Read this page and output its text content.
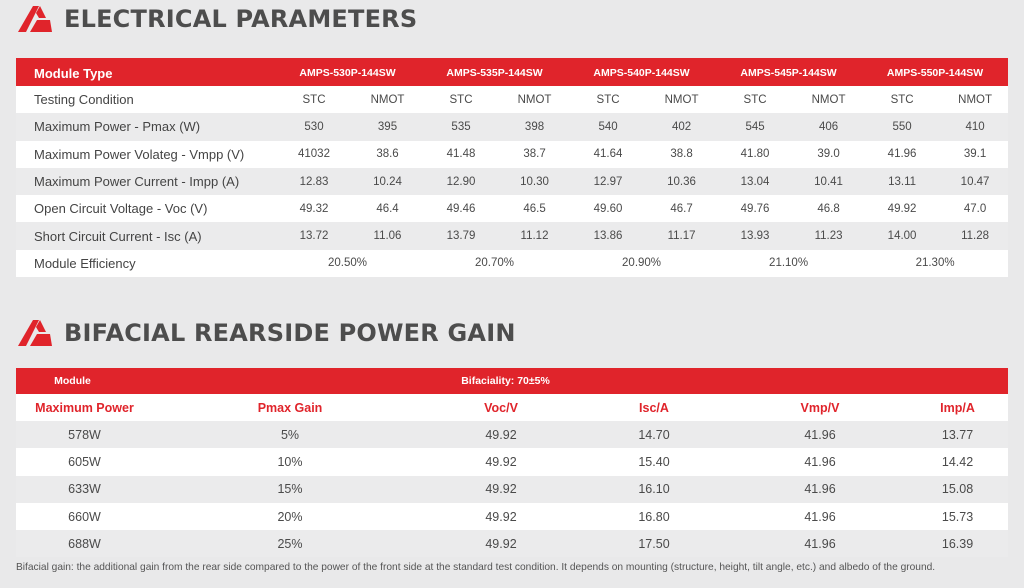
ELECTRICAL PARAMETERS
Module Type	AMPS-530P-144SW		AMPS-535P-144SW		AMPS-540P-144SW		AMPS-545P-144SW		AMPS-550P-144SW	
Testing Condition	STC	NMOT	STC	NMOT	STC	NMOT	STC	NMOT	STC	NMOT
Maximum Power - Pmax (W)	530	395	535	398	540	402	545	406	550	410
Maximum Power Volateg - Vmpp (V)	41032	38.6	41.48	38.7	41.64	38.8	41.80	39.0	41.96	39.1
Maximum Power Current - Impp (A)	12.83	10.24	12.90	10.30	12.97	10.36	13.04	10.41	13.11	10.47
Open Circuit Voltage - Voc (V)	49.32	46.4	49.46	46.5	49.60	46.7	49.76	46.8	49.92	47.0
Short Circuit Current - Isc (A)	13.72	11.06	13.79	11.12	13.86	11.17	13.93	11.23	14.00	11.28
Module Efficiency	20.50%		20.70%		20.90%		21.10%		21.30%	
BIFACIAL REARSIDE POWER GAIN
Module	Bifaciality: 70±5%				
Maximum Power	Pmax Gain	Voc/V	Isc/A	Vmp/V	Imp/A
578W	5%	49.92	14.70	41.96	13.77
605W	10%	49.92	15.40	41.96	14.42
633W	15%	49.92	16.10	41.96	15.08
660W	20%	49.92	16.80	41.96	15.73
688W	25%	49.92	17.50	41.96	16.39
Bifacial gain: the additional gain from the rear side compared to the power of the front side at the standard test condition. It depends on mounting (structure, height, tilt angle, etc.) and albedo of the ground.
